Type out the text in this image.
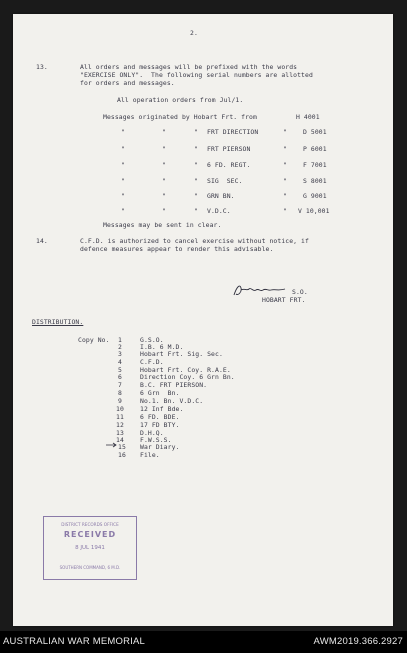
2.
13.	All orders and messages will be prefixed with the words
"EXERCISE ONLY".  The following serial numbers are allotted
for orders and messages.
All operation orders from Jul/1.
Messages originated by Hobart Frt. from	H 4001
"	"	" FRT DIRECTION	"	D 5001
"	"	" FRT PIERSON	"	P 6001
"	"	" 6 FD. REGT.	"	F 7001
"	"	" SIG  SEC.	"	S 8001
"	"	" GRN BN.	"	G 9001
"	"	" V.D.C.	" V 10,001
Messages may be sent in clear.
14.	C.F.D. is authorized to cancel exercise without notice, if
defence measures appear to render this advisable.
S.O.
HOBART FRT.
DISTRIBUTION.
Copy No. 1	G.S.O.
2	I.B. 6 M.D.
3	Hobart Frt. Sig. Sec.
4	C.F.D.
5	Hobart Frt. Coy. R.A.E.
6	Direction Coy. 6 Grn Bn.
7	B.C. FRT PIERSON.
8	6 Grn  Bn.
9	No.1. Bn. V.D.C.
10	12 Inf Bde.
11	6 FD. BDE.
12	17 FD BTY.
13	D.H.Q.
14	F.W.S.S.
15 War Diary.
16 File.
DISTRICT RECORDS OFFICE
RECEIVED
8 JUL 1941
SOUTHERN COMMAND, 6 M.D.
AUSTRALIAN WAR MEMORIAL	AWM2019.366.2927
